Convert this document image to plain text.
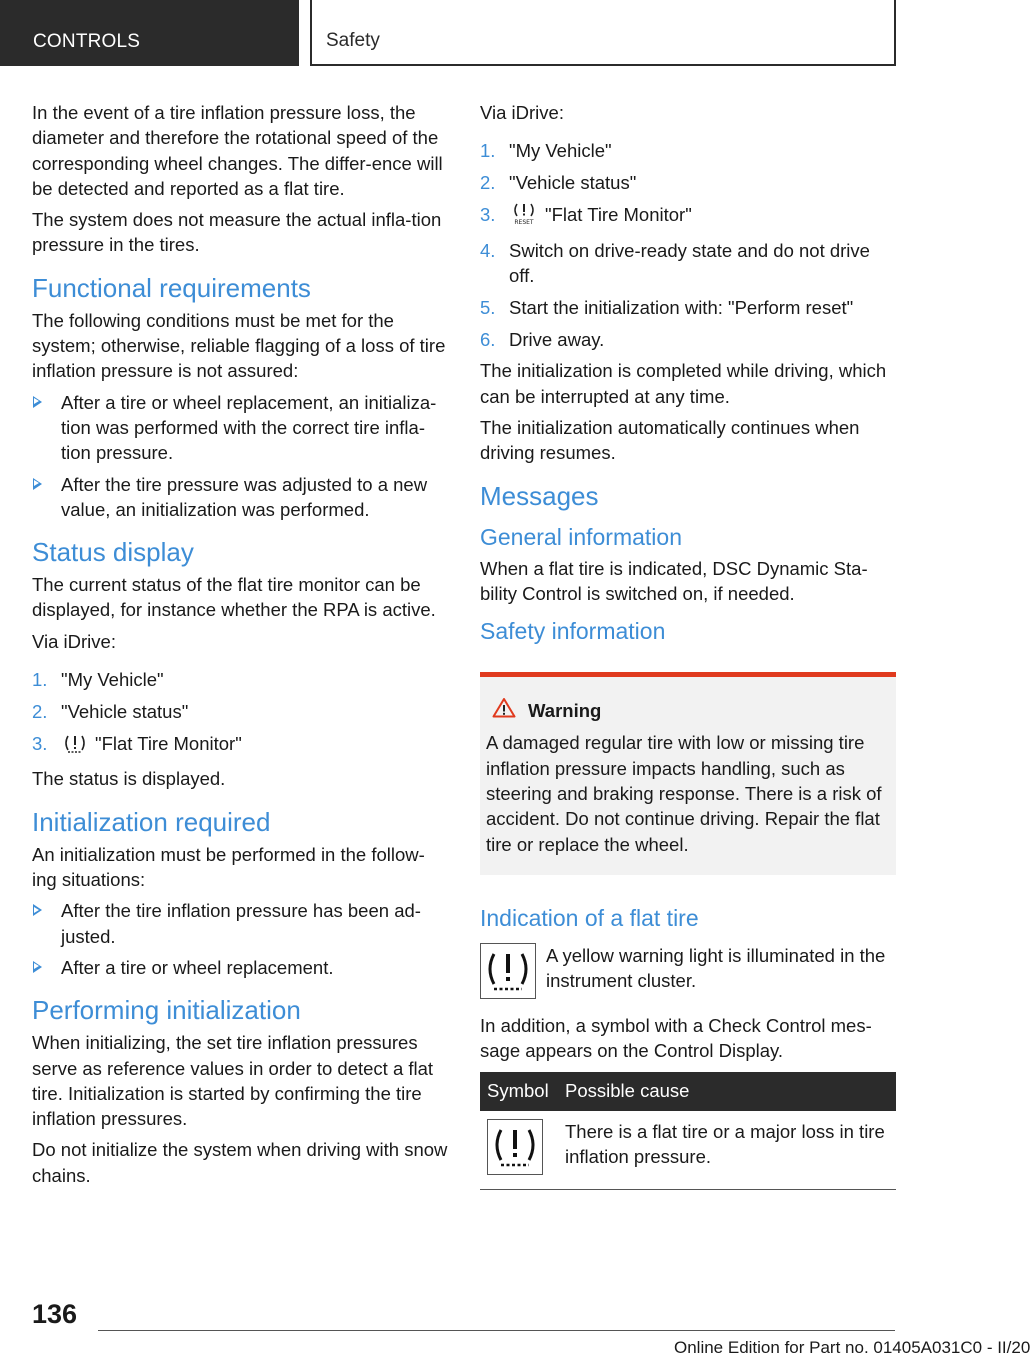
CONTROLS	Safety

In the event of a tire inflation pressure loss, the diameter and therefore the rotational speed of the corresponding wheel changes. The differ-ence will be detected and reported as a flat tire.

The system does not measure the actual infla-tion pressure in the tires.

Functional requirements

The following conditions must be met for the system; otherwise, reliable flagging of a loss of tire inflation pressure is not assured:

After a tire or wheel replacement, an initializa-tion was performed with the correct tire infla-tion pressure.
After the tire pressure was adjusted to a new value, an initialization was performed.
Status display

The current status of the flat tire monitor can be displayed, for instance whether the RPA is active.

Via iDrive:

1. "My Vehicle"
2. "Vehicle status"
3.	"Flat Tire Monitor"

The status is displayed.

Initialization required

An initialization must be performed in the follow-ing situations:

After the tire inflation pressure has been ad-justed.
After a tire or wheel replacement.
Performing initialization

When initializing, the set tire inflation pressures serve as reference values in order to detect a flat tire. Initialization is started by confirming the tire inflation pressures.

Do not initialize the system when driving with snow chains.

Via iDrive:

1. "My Vehicle"
2. "Vehicle status"
3.	RESET "Flat Tire Monitor"
4. Switch on drive-ready state and do not drive off.
5. Start the initialization with: "Perform reset"
6. Drive away.

The initialization is completed while driving, which can be interrupted at any time.

The initialization automatically continues when driving resumes.

Messages
General information

When a flat tire is indicated, DSC Dynamic Sta-bility Control is switched on, if needed.

Safety information
Warning

A damaged regular tire with low or missing tire inflation pressure impacts handling, such as steering and braking response. There is a risk of accident. Do not continue driving. Repair the flat tire or replace the wheel.

Indication of a flat tire
A yellow warning light is illuminated in the instrument cluster.

In addition, a symbol with a Check Control mes-sage appears on the Control Display.

Symbol	Possible cause

	There is a flat tire or a major loss in tire inflation pressure.
136
Online Edition for Part no. 01405A031C0 - II/20
